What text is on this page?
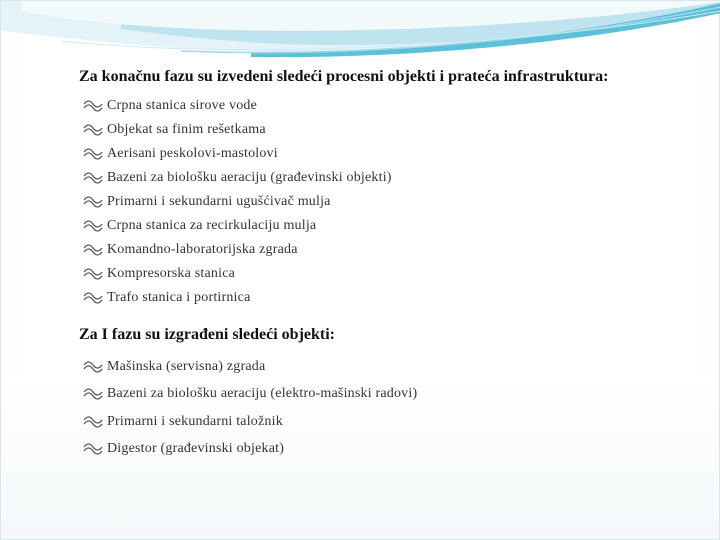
Za konačnu fazu su izvedeni sledeći procesni objekti i prateća infrastruktura:
Crpna stanica sirove vode
Objekat sa finim rešetkama
Aerisani peskolovi-mastolovi
Bazeni za biološku aeraciju (građevinski objekti)
Primarni i sekundarni ugušćivač mulja
Crpna stanica za recirkulaciju mulja
Komandno-laboratorijska zgrada
Kompresorska stanica
Trafo stanica i portirnica
Za I fazu su izgrađeni sledeći objekti:
Mašinska (servisna) zgrada
Bazeni za biološku aeraciju (elektro-mašinski radovi)
Primarni i sekundarni taložnik
Digestor (građevinski objekat)
